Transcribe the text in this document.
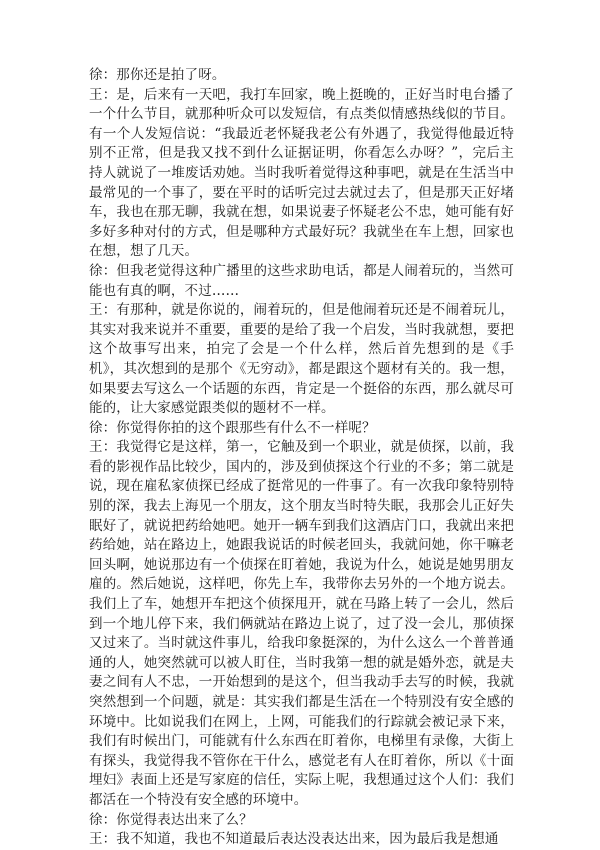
徐：那你还是拍了呀。

王：是，后来有一天吧，我打车回家，晚上挺晚的，正好当时电台播了一个什么节目，就那种听众可以发短信，有点类似情感热线似的节目。有一个人发短信说：“我最近老怀疑我老公有外遇了，我觉得他最近特别不正常，但是我又找不到什么证据证明，你看怎么办呀？”，完后主持人就说了一堆废话劝她。当时我听着觉得这种事吧，就是在生活当中最常见的一个事了，要在平时的话听完过去就过去了，但是那天正好堵车，我也在那无聊，我就在想，如果说妻子怀疑老公不忠，她可能有好多好多种对付的方式，但是哪种方式最好玩？我就坐在车上想，回家也在想，想了几天。

徐：但我老觉得这种广播里的这些求助电话，都是人闹着玩的，当然可能也有真的啊，不过……

王：有那种，就是你说的，闹着玩的，但是他闹着玩还是不闹着玩儿，其实对我来说并不重要，重要的是给了我一个启发，当时我就想，要把这个故事写出来，拍完了会是一个什么样，然后首先想到的是《手机》，其次想到的是那个《无穷动》，都是跟这个题材有关的。我一想，如果要去写这么一个话题的东西，肯定是一个挺俗的东西，那么就尽可能的，让大家感觉跟类似的题材不一样。

徐：你觉得你拍的这个跟那些有什么不一样呢？

王：我觉得它是这样，第一，它触及到一个职业，就是侦探，以前，我看的影视作品比较少，国内的，涉及到侦探这个行业的不多；第二就是说，现在雇私家侦探已经成了挺常见的一件事了。有一次我印象特别特别的深，我去上海见一个朋友，这个朋友当时特失眠，我那会儿正好失眠好了，就说把药给她吧。她开一辆车到我们这酒店门口，我就出来把药给她，站在路边上，她跟我说话的时候老回头，我就问她，你干嘛老回头啊，她说那边有一个侦探在盯着她，我说为什么，她说是她男朋友雇的。然后她说，这样吧，你先上车，我带你去另外的一个地方说去。我们上了车，她想开车把这个侦探甩开，就在马路上转了一会儿，然后到一个地儿停下来，我们俩就站在路边上说了，过了没一会儿，那侦探又过来了。当时就这件事儿，给我印象挺深的，为什么这么一个普普通通的人，她突然就可以被人盯住，当时我第一想的就是婚外恋，就是夫妻之间有人不忠，一开始想到的是这个，但当我动手去写的时候，我就突然想到一个问题，就是：其实我们都是生活在一个特别没有安全感的环境中。比如说我们在网上，上网，可能我们的行踪就会被记录下来，我们有时候出门，可能就有什么东西在盯着你，电梯里有录像，大街上有探头，我觉得我不管你在干什么，感觉老有人在盯着你，所以《十面埋妇》表面上还是写家庭的信任，实际上呢，我想通过这个人们：我们都活在一个特没有安全感的环境中。

徐：你觉得表达出来了么？

王：我不知道，我也不知道最后表达没表达出来，因为最后我是想通
